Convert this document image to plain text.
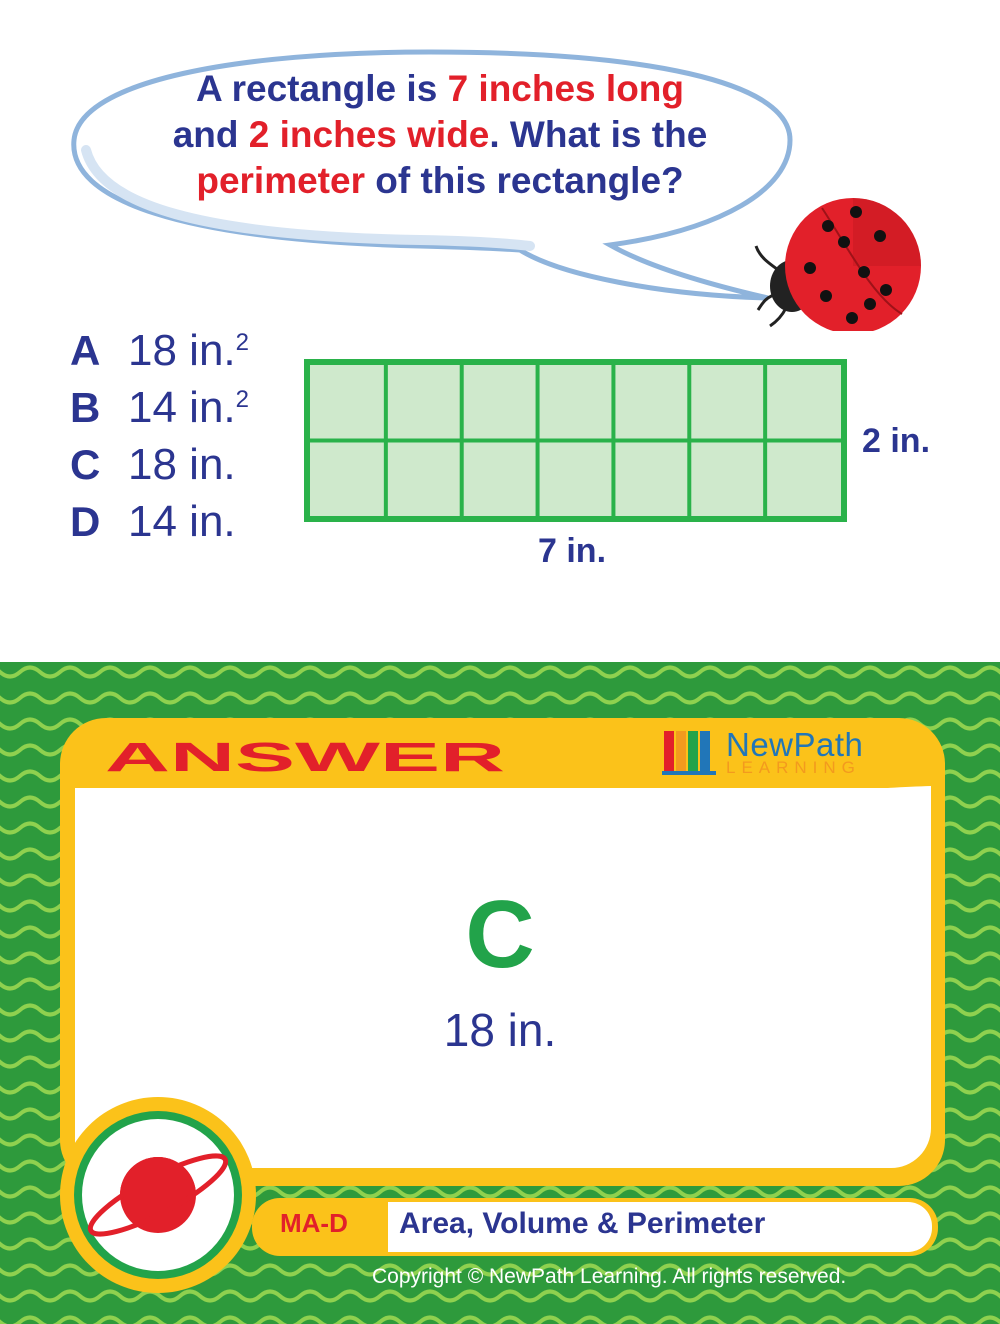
A rectangle is 7 inches long
and 2 inches wide. What is the
perimeter of this rectangle?
A 18 in.$^2$
B 14 in.$^2$
C 18 in.
D 14 in.
2 in.
7 in.
ANSWER	NewPath
LEARNING
C
18 in.
MA-D Area, Volume & Perimeter
Copyright © NewPath Learning. All rights reserved.
